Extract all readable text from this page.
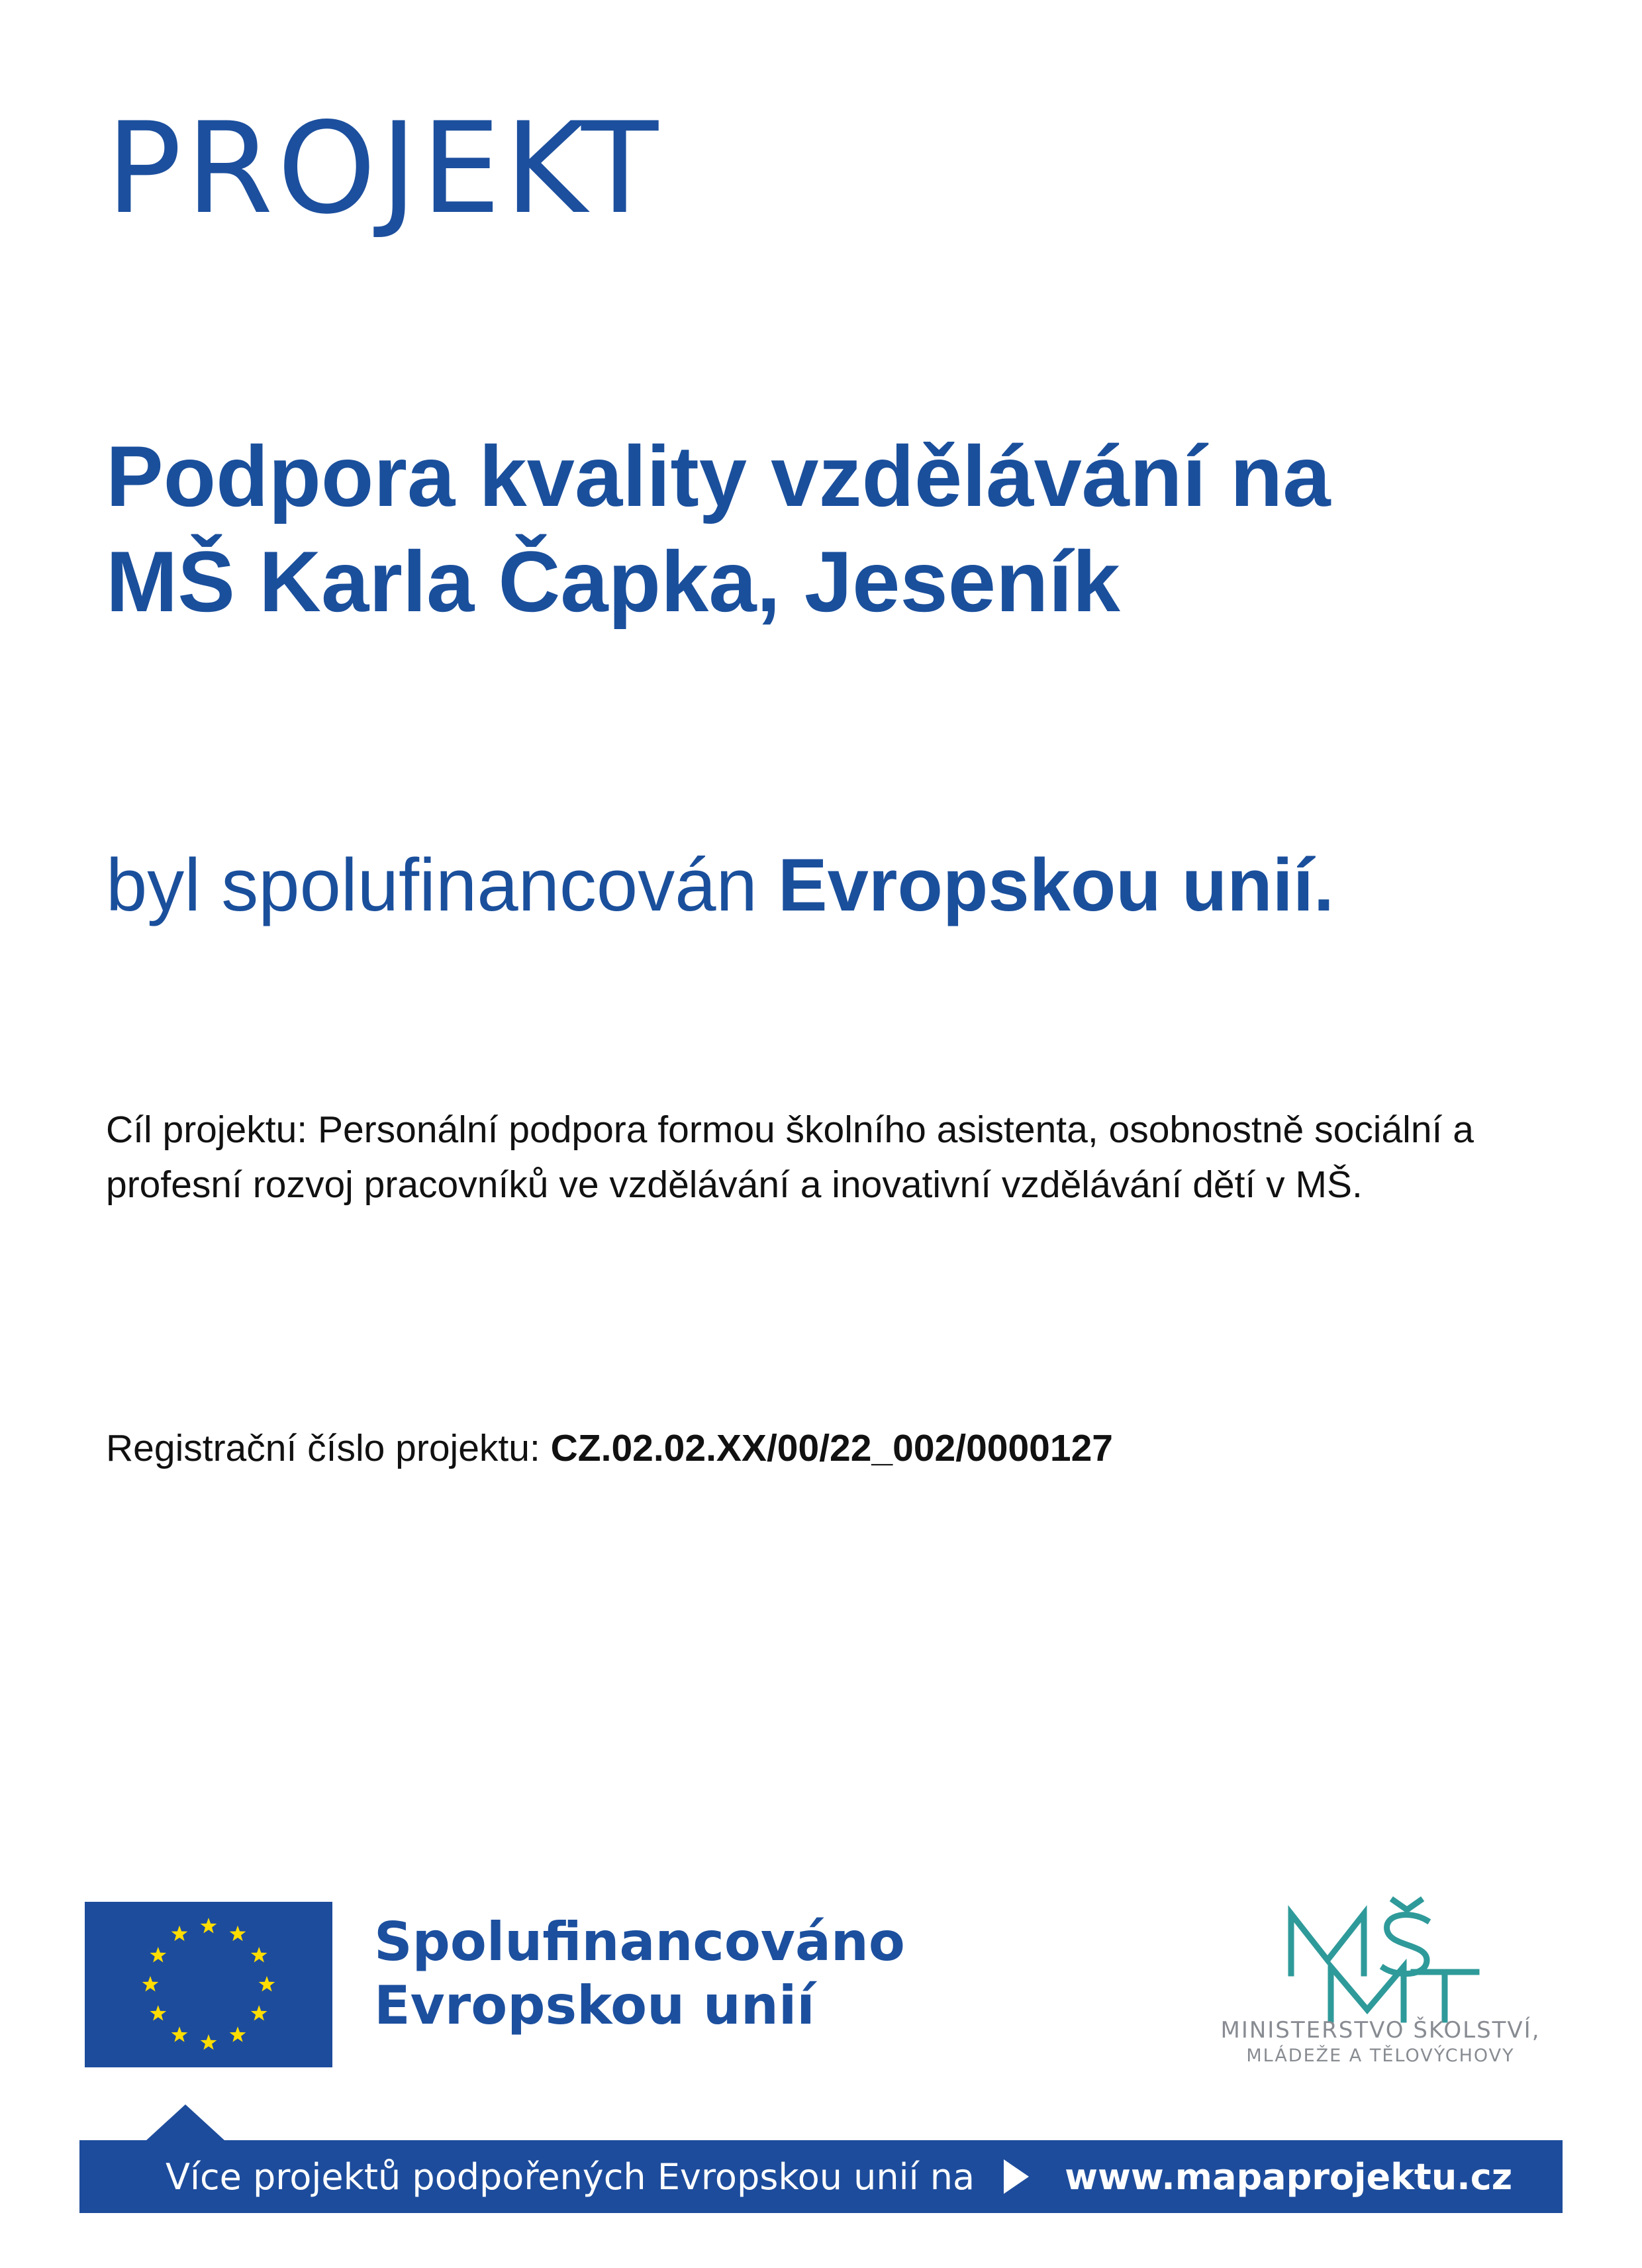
PROJEKT
Podpora kvality vzdělávání na
MŠ Karla Čapka, Jeseník
byl spolufinancován Evropskou unií.
Cíl projektu: Personální podpora formou školního asistenta, osobnostně sociální a
profesní rozvoj pracovníků ve vzdělávání a inovativní vzdělávání dětí v MŠ.
Registrační číslo projektu: CZ.02.02.XX/00/22_002/0000127
Spolufinancováno
Evropskou unií
MŠMT
MINISTERSTVO ŠKOLSTVÍ,
MLÁDEŽE A TĚLOVÝCHOVY
Více projektů podpořených Evropskou unií na	www.mapaprojektu.cz
